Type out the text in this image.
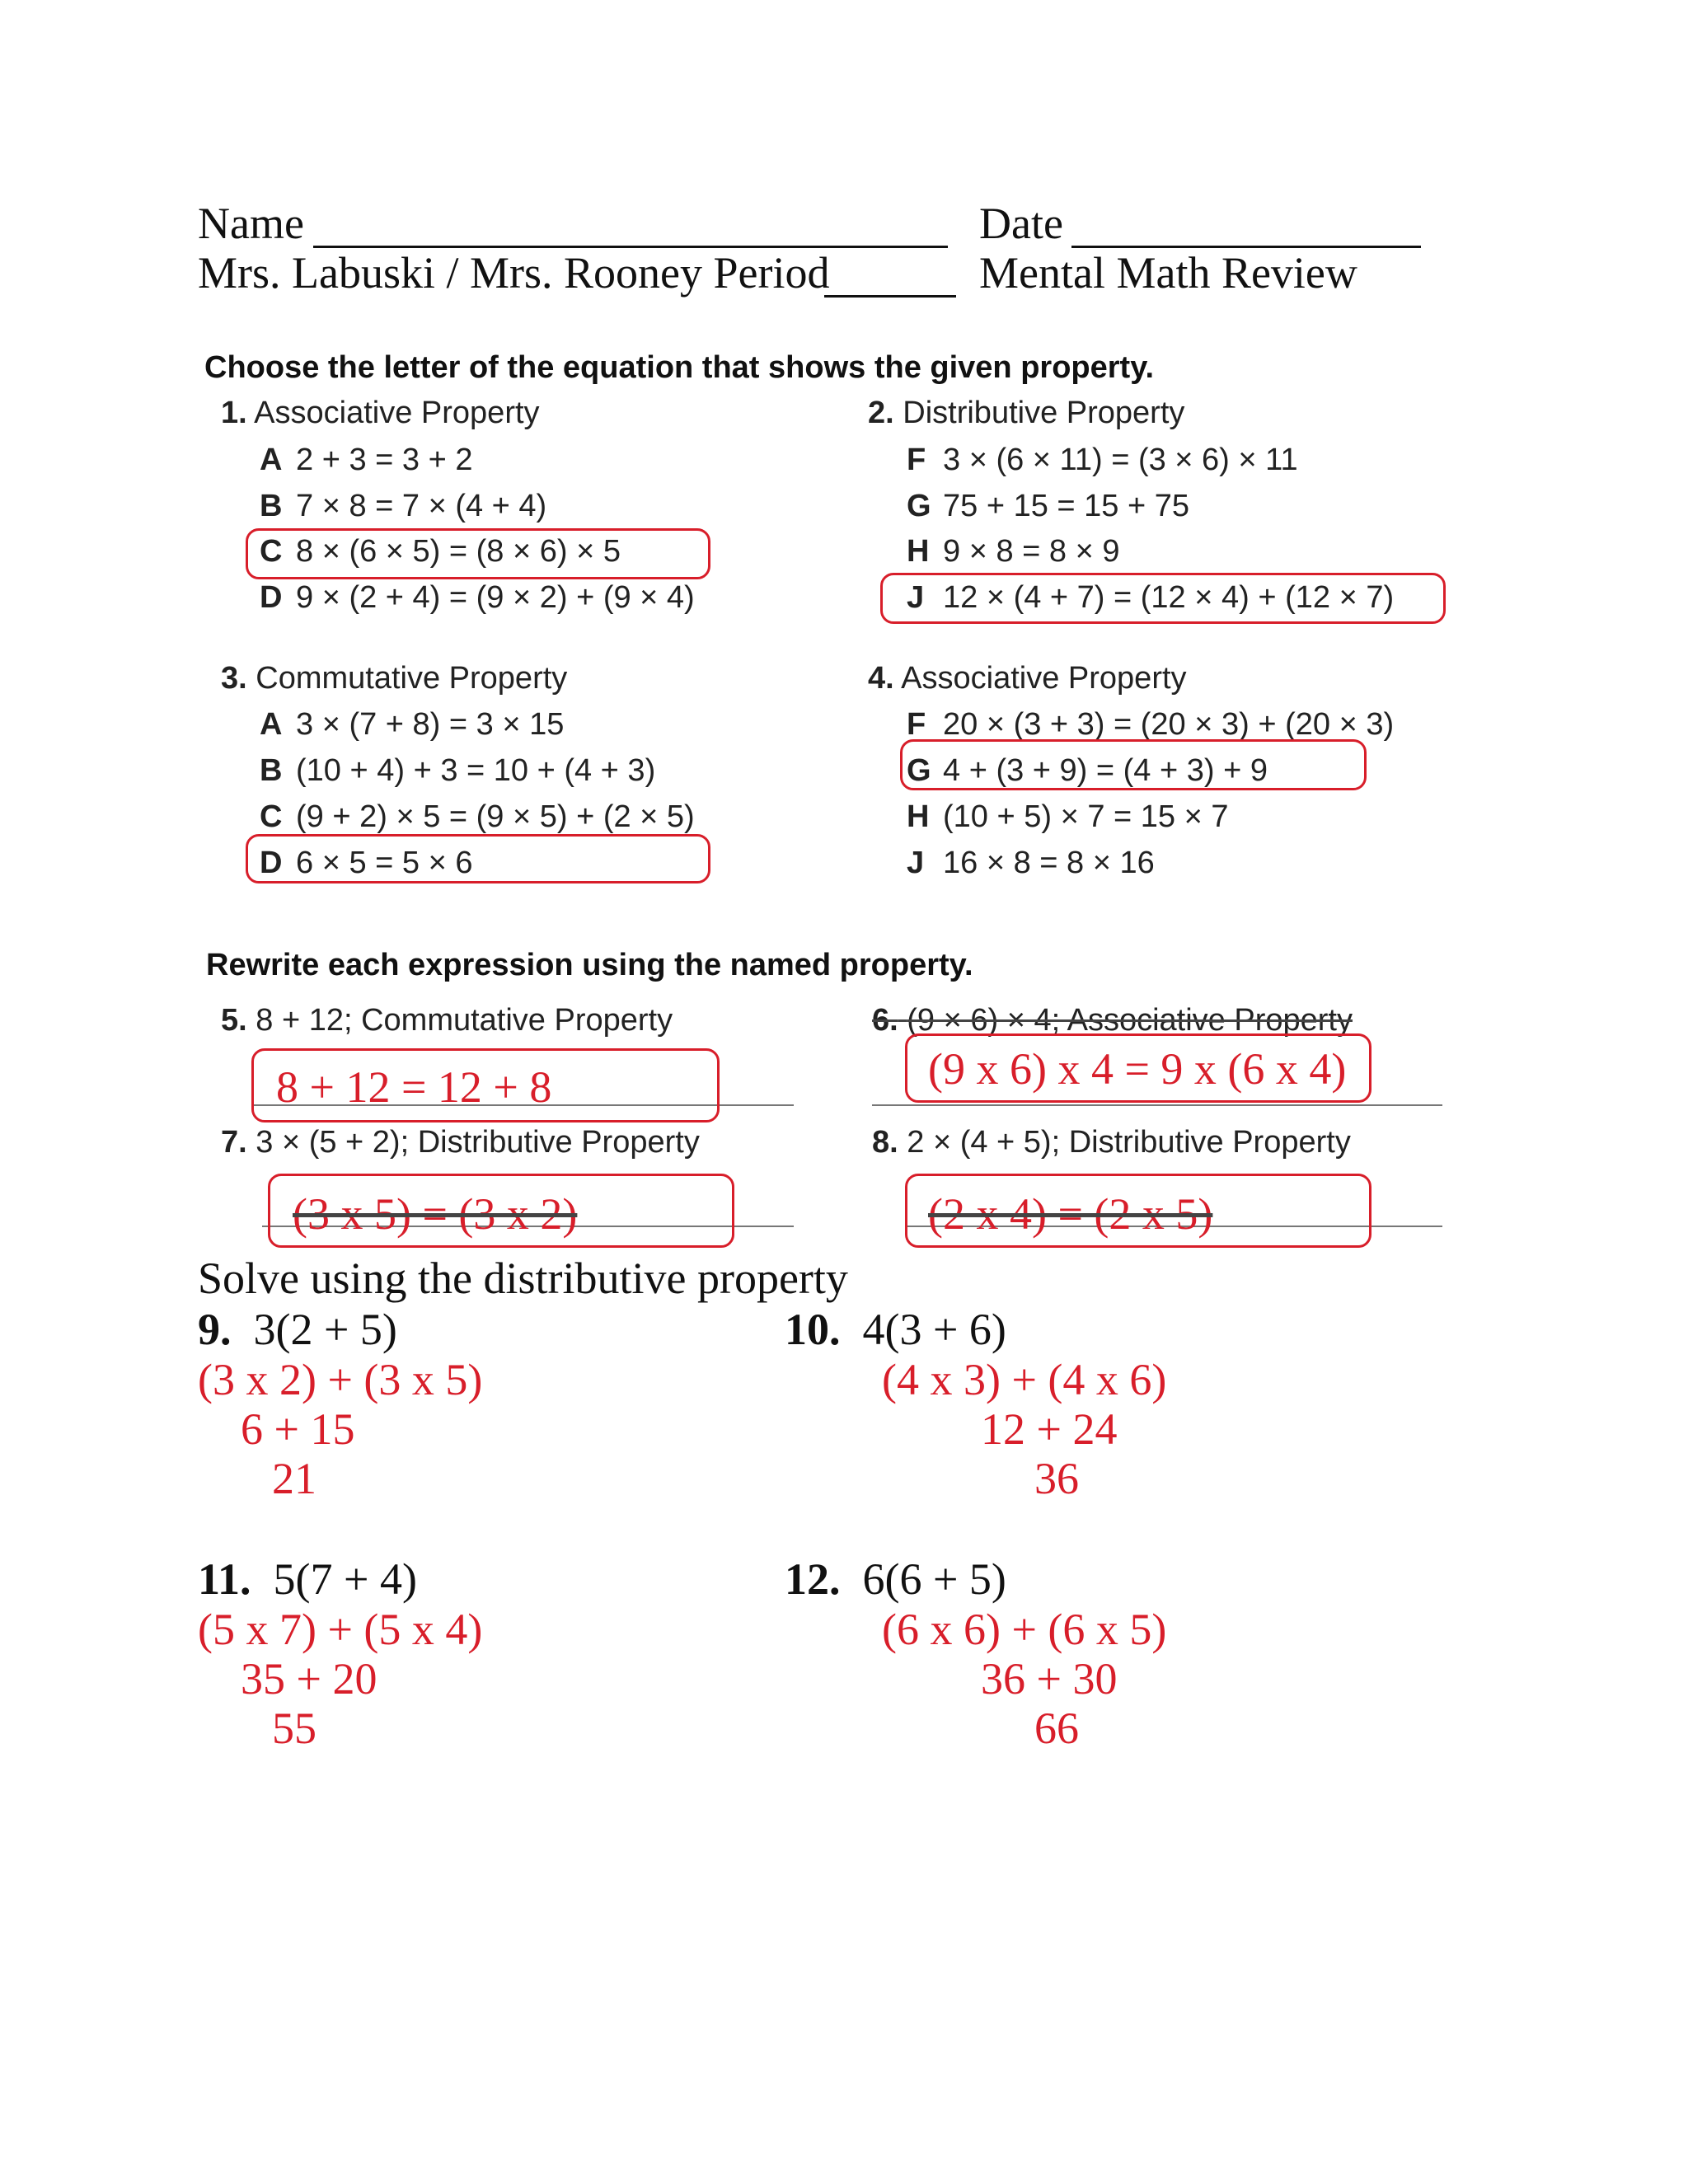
Name	Date
Mrs. Labuski / Mrs. Rooney Period	Mental Math Review
Choose the letter of the equation that shows the given property.
1. Associative Property
A 2 + 3 = 3 + 2
B 7 × 8 = 7 × (4 + 4)
C 8 × (6 × 5) = (8 × 6) × 5
D 9 × (2 + 4) = (9 × 2) + (9 × 4)
2. Distributive Property
F 3 × (6 × 11) = (3 × 6) × 11
G 75 + 15 = 15 + 75
H 9 × 8 = 8 × 9
J 12 × (4 + 7) = (12 × 4) + (12 × 7)
3. Commutative Property
A 3 × (7 + 8) = 3 × 15
B (10 + 4) + 3 = 10 + (4 + 3)
C (9 + 2) × 5 = (9 × 5) + (2 × 5)
D 6 × 5 = 5 × 6
4. Associative Property
F 20 × (3 + 3) = (20 × 3) + (20 × 3)
G 4 + (3 + 9) = (4 + 3) + 9
H (10 + 5) × 7 = 15 × 7
J 16 × 8 = 8 × 16
Rewrite each expression using the named property.
5. 8 + 12; Commutative Property
8 + 12 = 12 + 8
6. (9 × 6) × 4; Associative Property
(9 x 6) x 4 = 9 x (6 x 4)
7. 3 × (5 + 2); Distributive Property
(3 x 5) = (3 x 2)
8. 2 × (4 + 5); Distributive Property
(2 x 4) = (2 x 5)
Solve using the distributive property
9. 3(2 + 5)
(3 x 2) + (3 x 5)
6 + 15
21
10. 4(3 + 6)
(4 x 3) + (4 x 6)
12 + 24
36
11. 5(7 + 4)
(5 x 7) + (5 x 4)
35 + 20
55
12. 6(6 + 5)
(6 x 6) + (6 x 5)
36 + 30
66
